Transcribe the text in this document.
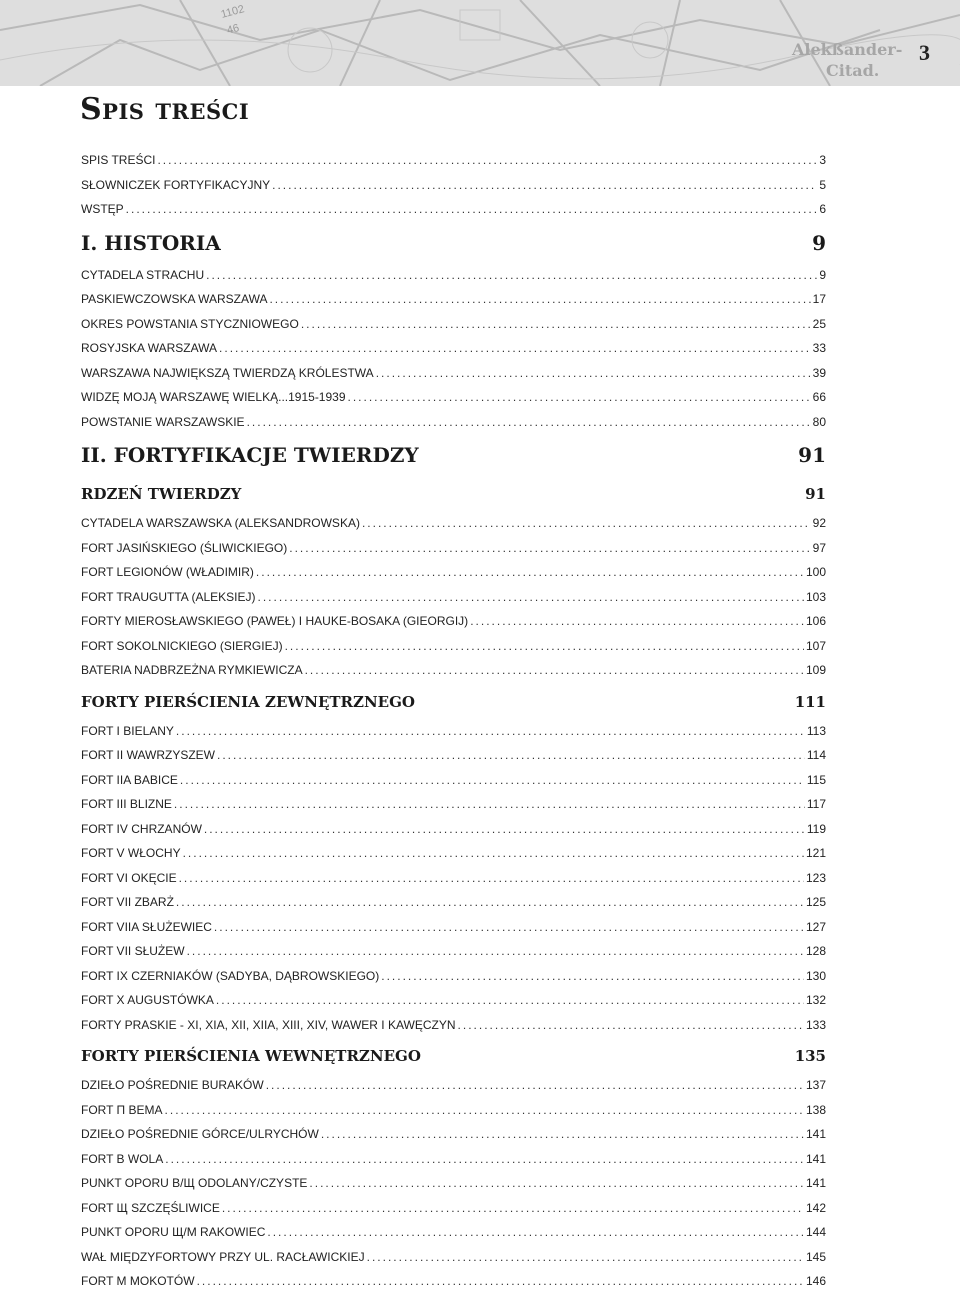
1102
46
Alekßander-
Citad.
3
Spis treści
SPIS TREŚCI .....	3
SŁOWNICZEK FORTYFIKACYJNY .....	5
WSTĘP .....	6
I. HISTORIA	9
CYTADELA STRACHU .....	9
PASKIEWCZOWSKA WARSZAWA .....	17
OKRES POWSTANIA STYCZNIOWEGO .....	25
ROSYJSKA WARSZAWA .....	33
WARSZAWA NAJWIĘKSZĄ TWIERDZĄ KRÓLESTWA .....	39
WIDZĘ MOJĄ WARSZAWĘ WIELKĄ...1915-1939 .....	66
POWSTANIE WARSZAWSKIE .....	80
II. FORTYFIKACJE TWIERDZY	91
RDZEŃ TWIERDZY	91
CYTADELA WARSZAWSKA (ALEKSANDROWSKA) .....	92
FORT JASIŃSKIEGO (ŚLIWICKIEGO) .....	97
FORT LEGIONÓW (WŁADIMIR) .....	100
FORT TRAUGUTTA (ALEKSIEJ) .....	103
FORTY MIEROSŁAWSKIEGO (PAWEŁ) I HAUKE-BOSAKA (GIEORGIJ) .....	106
FORT SOKOLNICKIEGO (SIERGIEJ) .....	107
BATERIA NADBRZEŻNA RYMKIEWICZA .....	109
FORTY PIERŚCIENIA ZEWNĘTRZNEGO	111
FORT I BIELANY .....	113
FORT II WAWRZYSZEW .....	114
FORT IIA BABICE .....	115
FORT III BLIZNE .....	117
FORT IV CHRZANÓW .....	119
FORT V WŁOCHY .....	121
FORT VI OKĘCIE .....	123
FORT VII ZBARŻ .....	125
FORT VIIA SŁUŻEWIEC .....	127
FORT VII SŁUŻEW .....	128
FORT IX CZERNIAKÓW (SADYBA, DĄBROWSKIEGO) .....	130
FORT X AUGUSTÓWKA .....	132
FORTY PRASKIE - XI, XIA, XII, XIIA, XIII, XIV, WAWER I KAWĘCZYN .....	133
FORTY PIERŚCIENIA WEWNĘTRZNEGO	135
DZIEŁO POŚREDNIE BURAKÓW .....	137
FORT П BEMA .....	138
DZIEŁO POŚREDNIE GÓRCE/ULRYCHÓW .....	141
FORT В WOLA .....	141
PUNKT OPORU В/Щ ODOLANY/CZYSTE .....	141
FORT Щ SZCZĘŚLIWICE .....	142
PUNKT OPORU Щ/М RAKOWIEC .....	144
WAŁ MIĘDZYFORTOWY PRZY UL. RACŁAWICKIEJ .....	145
FORT М MOKOTÓW .....	146
